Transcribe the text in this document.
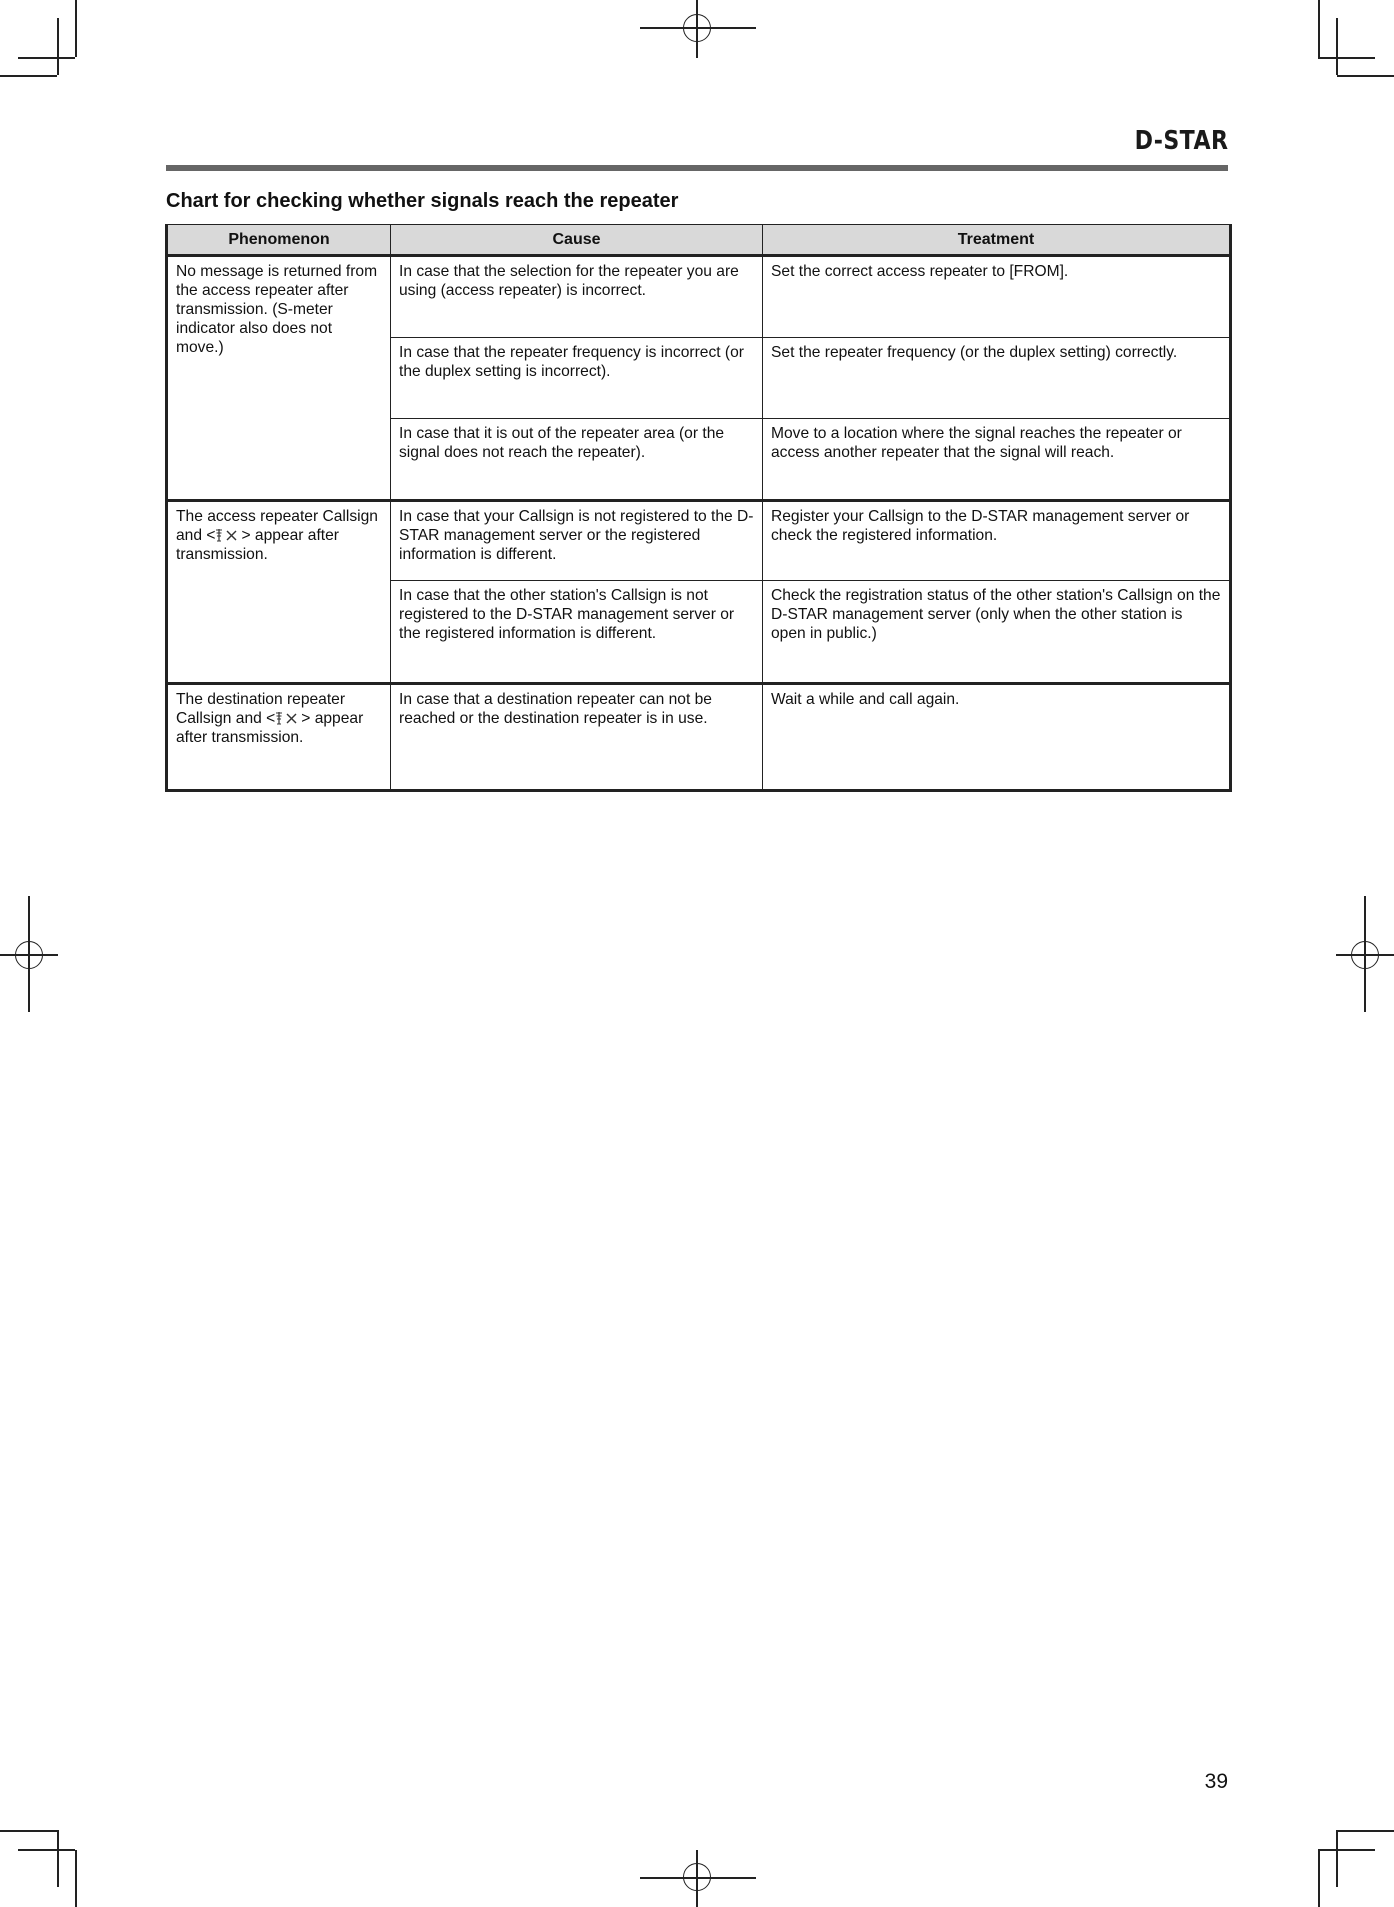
D-STAR
Chart for checking whether signals reach the repeater
Phenomenon	Cause	Treatment
No message is returned from the access repeater after transmission. (S-meter indicator also does not move.)	In case that the selection for the repeater you are using (access repeater) is incorrect.	Set the correct access repeater to [FROM].
	In case that the repeater frequency is incorrect (or the duplex setting is incorrect).	Set the repeater frequency (or the duplex setting) correctly.
	In case that it is out of the repeater area (or the signal does not reach the repeater).	Move to a location where the signal reaches the repeater or access another repeater that the signal will reach.
The access repeater Callsign and < > appear after transmission.	In case that your Callsign is not registered to the D-STAR management server or the registered information is different.	Register your Callsign to the D-STAR management server or check the registered information.
	In case that the other station's Callsign is not registered to the D-STAR management server or the registered information is different.	Check the registration status of the other station's Callsign on the D-STAR management server (only when the other station is open in public.)
The destination repeater Callsign and < > appear after transmission.	In case that a destination repeater can not be reached or the destination repeater is in use.	Wait a while and call again.
39
